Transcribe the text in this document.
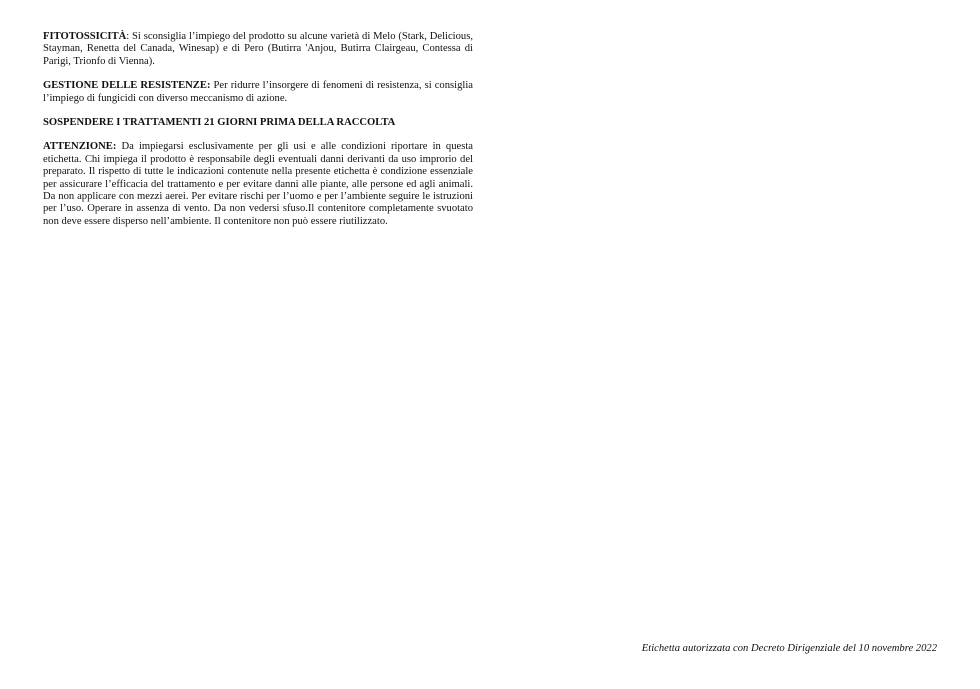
FITOTOSSICITÀ: Si sconsiglia l’impiego del prodotto su alcune varietà di Melo (Stark, Delicious, Stayman, Renetta del Canada, Winesap) e di Pero (Butirra 'Anjou, Butirra Clairgeau, Contessa di Parigi, Trionfo di Vienna).

GESTIONE DELLE RESISTENZE: Per ridurre l’insorgere di fenomeni di resistenza, si consiglia l’impiego di fungicidi con diverso meccanismo di azione.

SOSPENDERE I TRATTAMENTI 21 GIORNI PRIMA DELLA RACCOLTA

ATTENZIONE: Da impiegarsi esclusivamente per gli usi e alle condizioni riportare in questa etichetta. Chi impiega il prodotto è responsabile degli eventuali danni derivanti da uso improrio del preparato. Il rispetto di tutte le indicazioni contenute nella presente etichetta è condizione essenziale per assicurare l’efficacia del trattamento e per evitare danni alle piante, alle persone ed agli animali. Da non applicare con mezzi aerei. Per evitare rischi per l’uomo e per l’ambiente seguire le istruzioni per l’uso. Operare in assenza di vento. Da non vedersi sfuso.Il contenitore completamente svuotato non deve essere disperso nell’ambiente. Il contenitore non può essere riutilizzato.

Etichetta autorizzata con Decreto Dirigenziale del 10 novembre 2022
